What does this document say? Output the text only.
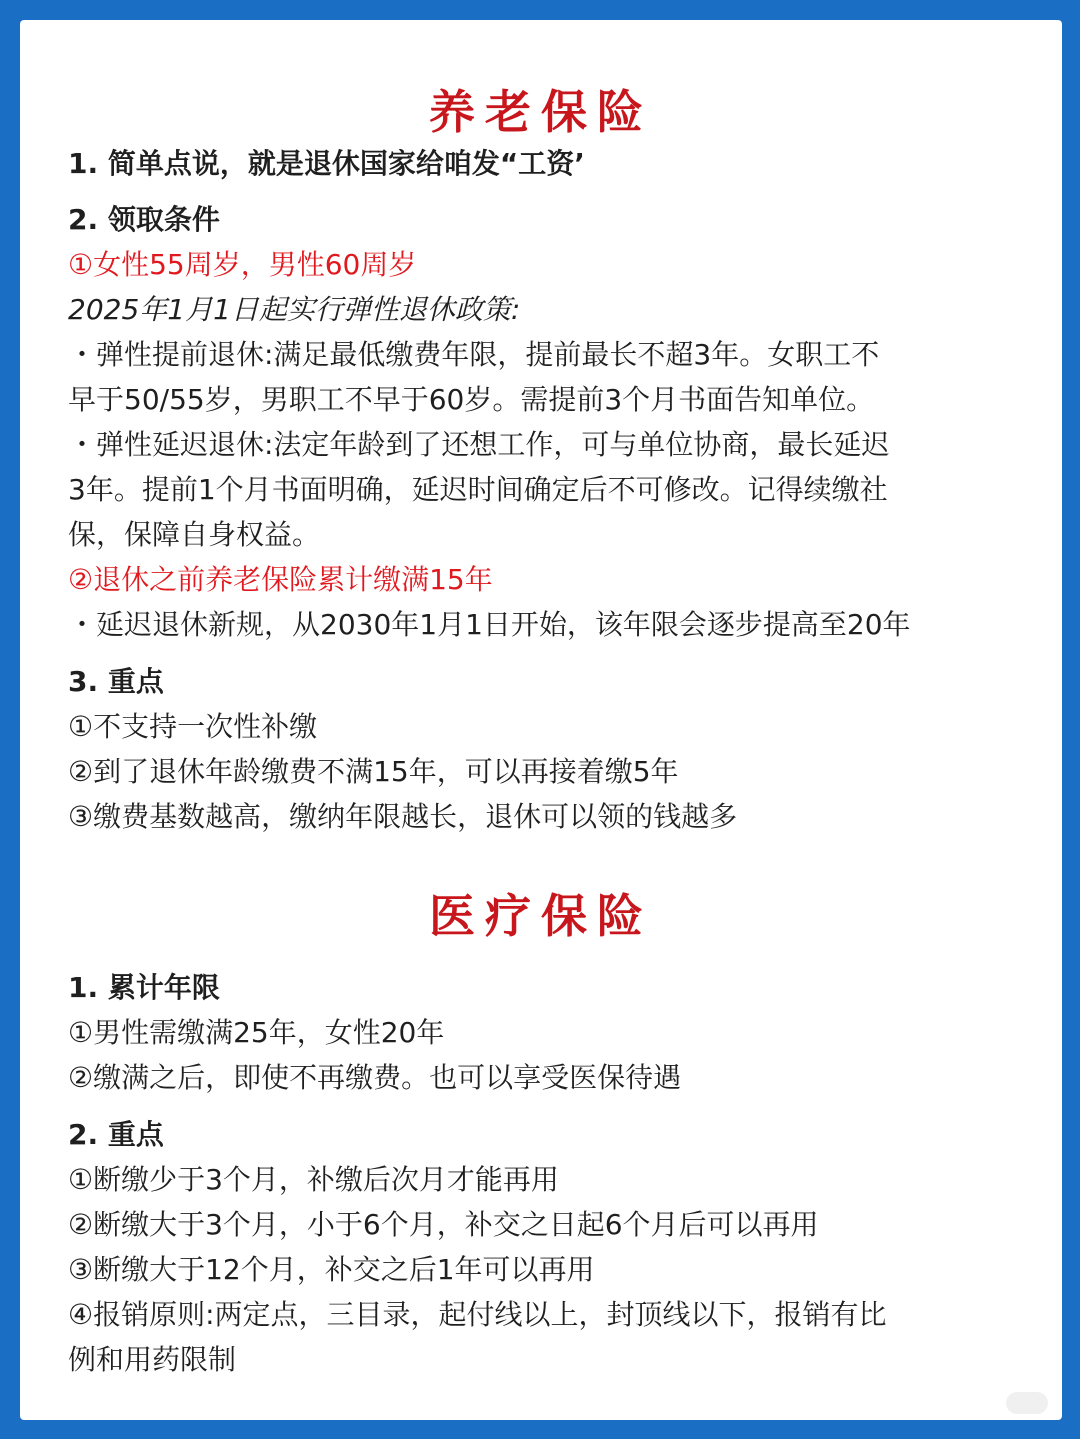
养老保险
1. 简单点说，就是退休国家给咱发“工资’
2. 领取条件
①女性55周岁，男性60周岁
2025年1月1日起实行弹性退休政策:
・弹性提前退休:满足最低缴费年限，提前最长不超3年。女职工不
早于50/55岁，男职工不早于60岁。需提前3个月书面告知单位。
・弹性延迟退休:法定年龄到了还想工作，可与单位协商，最长延迟
3年。提前1个月书面明确，延迟时间确定后不可修改。记得续缴社
保，保障自身权益。
②退休之前养老保险累计缴满15年
・延迟退休新规，从2030年1月1日开始，该年限会逐步提高至20年
3. 重点
①不支持一次性补缴
②到了退休年龄缴费不满15年，可以再接着缴5年
③缴费基数越高，缴纳年限越长，退休可以领的钱越多
医疗保险
1. 累计年限
①男性需缴满25年，女性20年
②缴满之后，即使不再缴费。也可以享受医保待遇
2. 重点
①断缴少于3个月，补缴后次月才能再用
②断缴大于3个月，小于6个月，补交之日起6个月后可以再用
③断缴大于12个月，补交之后1年可以再用
④报销原则:两定点，三目录，起付线以上，封顶线以下，报销有比
例和用药限制
